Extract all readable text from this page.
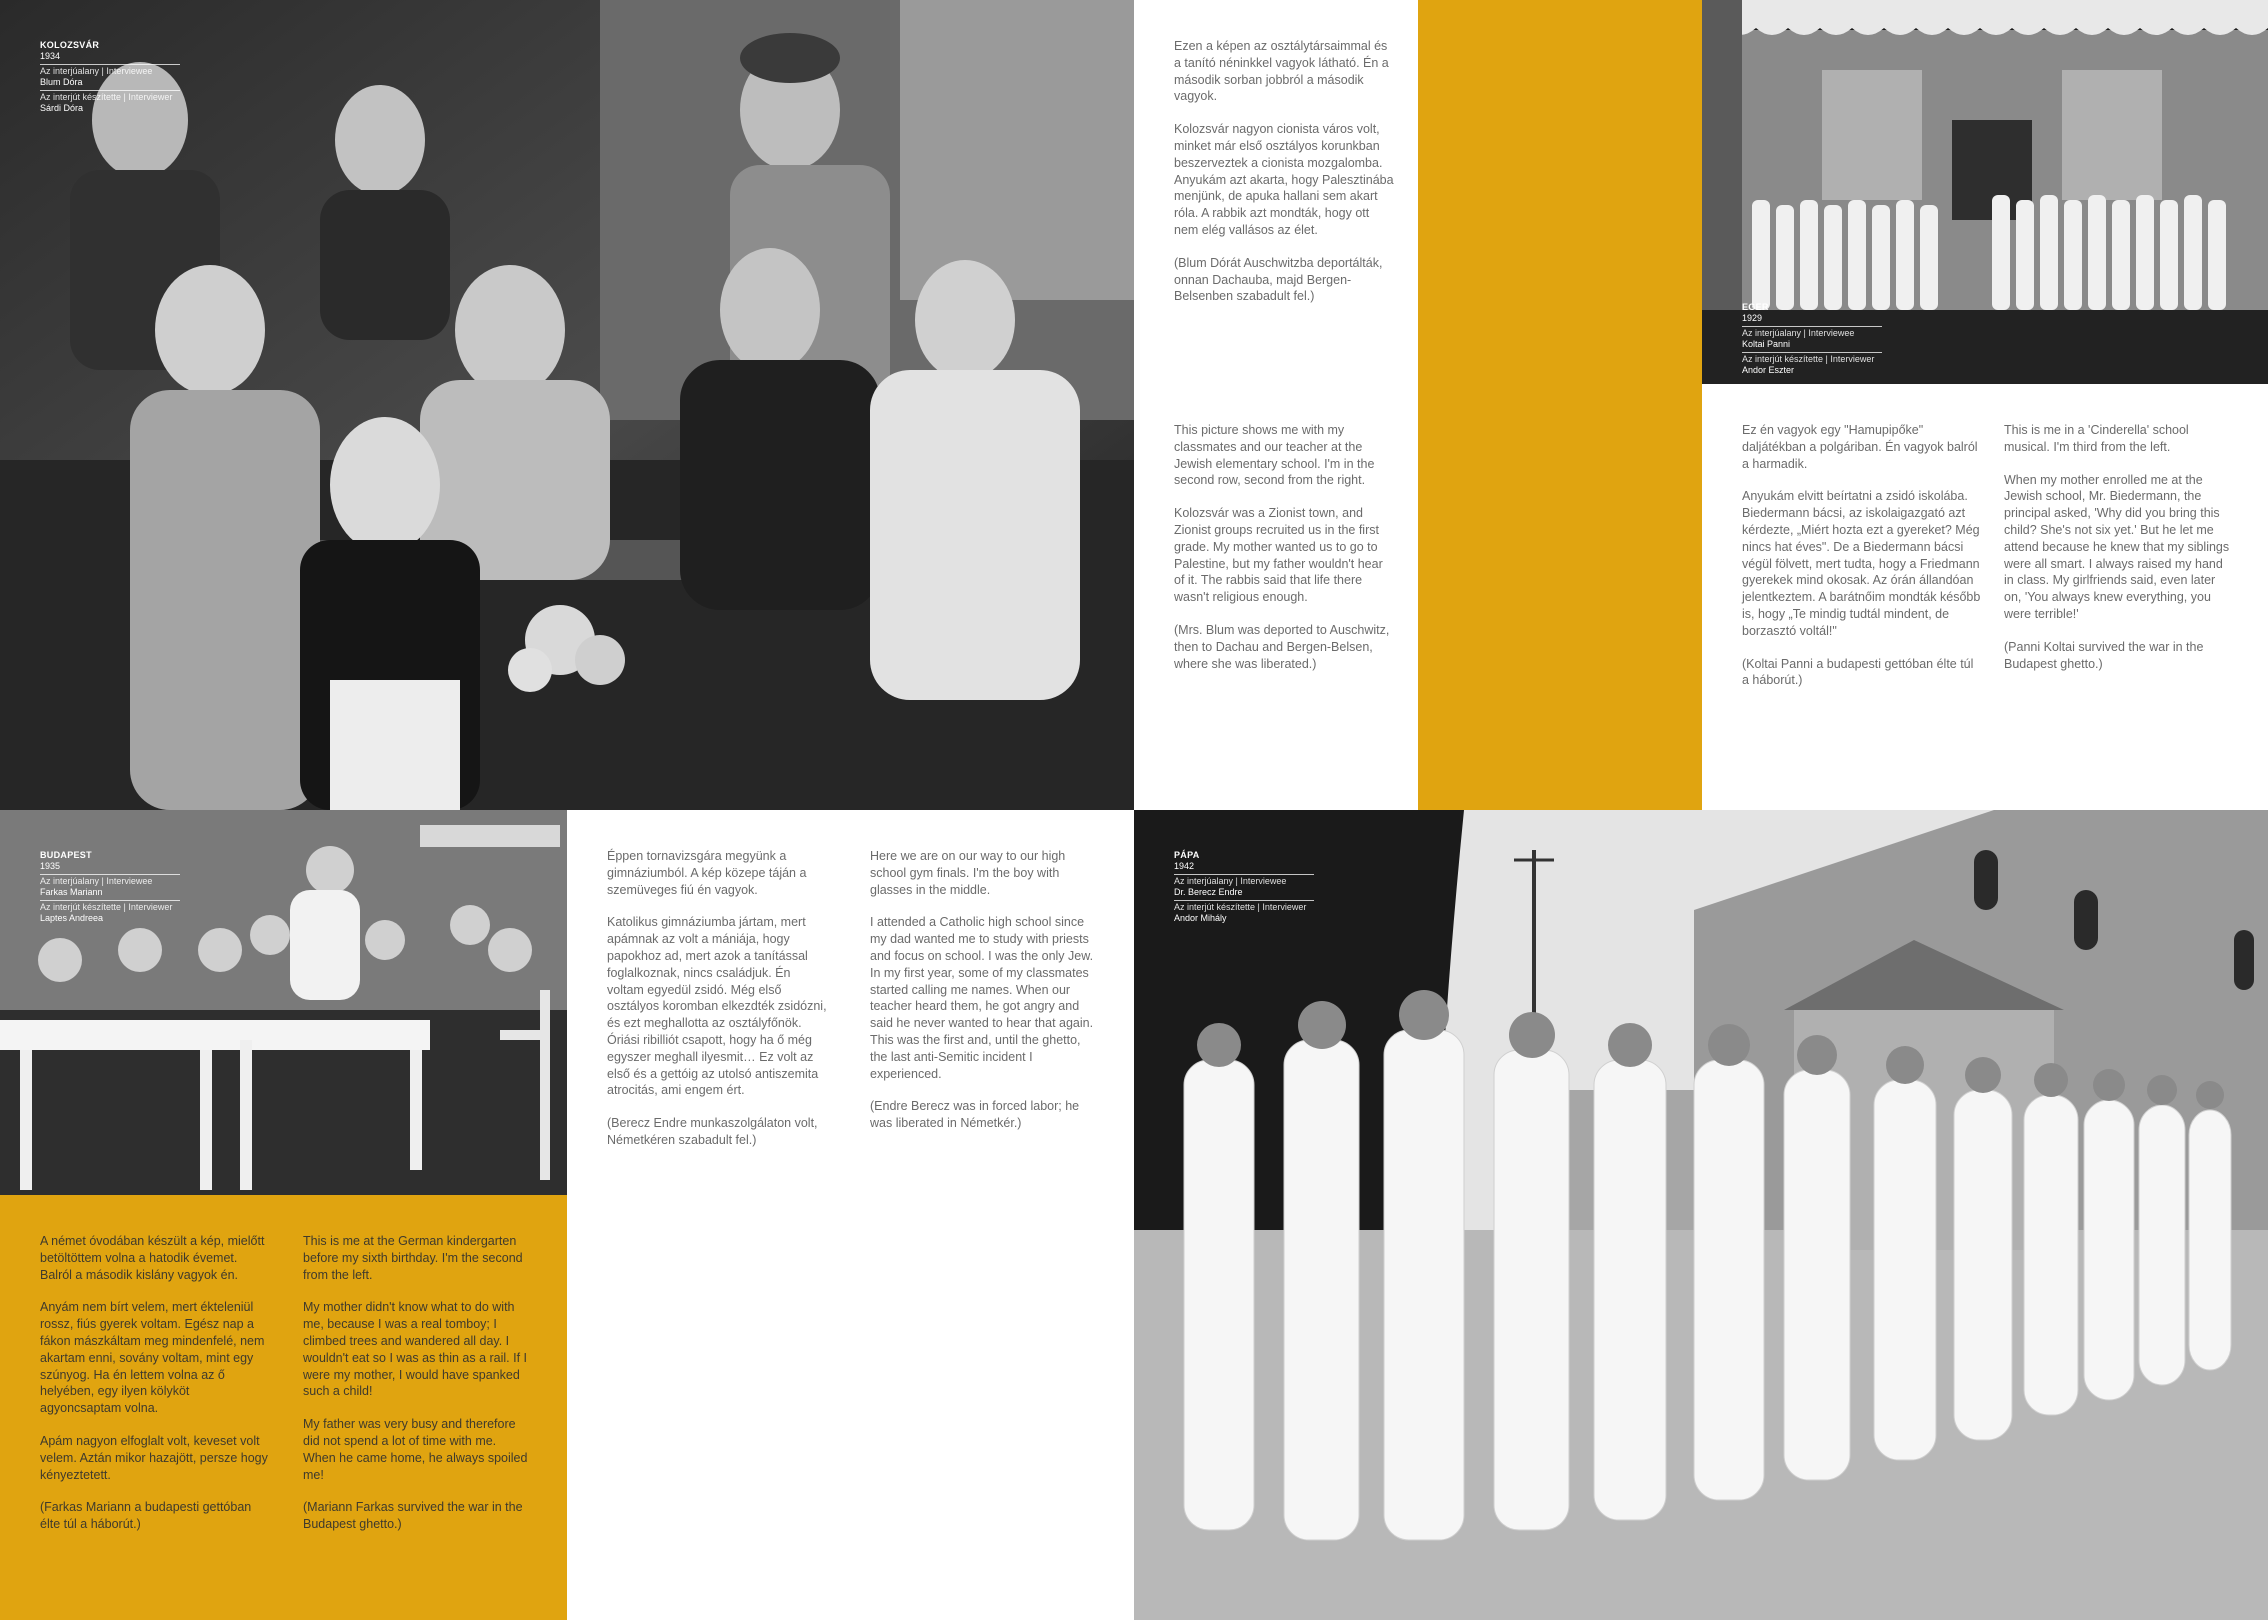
KOLOZSVÁR
1934
Az interjúalany | Interviewee
Blum Dóra
Az interjút készítette | Interviewer
Sárdi Dóra

Ezen a képen az osztálytársaimmal és a tanító néninkkel vagyok látható. Én a második sorban jobbról a második vagyok.

Kolozsvár nagyon cionista város volt, minket már első osztályos korunkban beszerveztek a cionista mozgalomba. Anyukám azt akarta, hogy Palesztinába menjünk, de apuka hallani sem akart róla. A rabbik azt mondták, hogy ott nem elég vallásos az élet.

(Blum Dórát Auschwitzba deportálták, onnan Dachauba, majd Bergen-Belsenben szabadult fel.)

This picture shows me with my classmates and our teacher at the Jewish elementary school. I'm in the second row, second from the right.

Kolozsvár was a Zionist town, and Zionist groups recruited us in the first grade. My mother wanted us to go to Palestine, but my father wouldn't hear of it. The rabbis said that life there wasn't religious enough.

(Mrs. Blum was deported to Auschwitz, then to Dachau and Bergen-Belsen, where she was liberated.)

EGER
1929
Az interjúalany | Interviewee
Koltai Panni
Az interjút készítette | Interviewer
Andor Eszter

Ez én vagyok egy "Hamupipőke" daljátékban a polgáriban. Én vagyok balról a harmadik.

Anyukám elvitt beírtatni a zsidó iskolába. Biedermann bácsi, az iskolaigazgató azt kérdezte, „Miért hozta ezt a gyereket? Még nincs hat éves". De a Biedermann bácsi végül fölvett, mert tudta, hogy a Friedmann gyerekek mind okosak. Az órán állandóan jelentkeztem. A barátnőim mondták később is, hogy „Te mindig tudtál mindent, de borzasztó voltál!"

(Koltai Panni a budapesti gettóban élte túl a háborút.)

This is me in a 'Cinderella' school musical. I'm third from the left.

When my mother enrolled me at the Jewish school, Mr. Biedermann, the principal asked, 'Why did you bring this child? She's not six yet.' But he let me attend because he knew that my siblings were all smart. I always raised my hand in class. My girlfriends said, even later on, 'You always knew everything, you were terrible!'

(Panni Koltai survived the war in the Budapest ghetto.)

BUDAPEST
1935
Az interjúalany | Interviewee
Farkas Mariann
Az interjút készítette | Interviewer
Laptes Andreea

A német óvodában készült a kép, mielőtt betöltöttem volna a hatodik évemet. Balról a második kislány vagyok én.

Anyám nem bírt velem, mert ékteleniül rossz, fiús gyerek voltam. Egész nap a fákon mászkáltam meg mindenfelé, nem akartam enni, sovány voltam, mint egy szúnyog. Ha én lettem volna az ő helyében, egy ilyen kölyköt agyoncsaptam volna.

Apám nagyon elfoglalt volt, keveset volt velem. Aztán mikor hazajött, persze hogy kényeztetett.

(Farkas Mariann a budapesti gettóban élte túl a háborút.)

This is me at the German kindergarten before my sixth birthday. I'm the second from the left.

My mother didn't know what to do with me, because I was a real tomboy; I climbed trees and wandered all day. I wouldn't eat so I was as thin as a rail. If I were my mother, I would have spanked such a child!

My father was very busy and therefore did not spend a lot of time with me. When he came home, he always spoiled me!

(Mariann Farkas survived the war in the Budapest ghetto.)

Éppen tornavizsgára megyünk a gimnáziumból. A kép közepe táján a szemüveges fiú én vagyok.

Katolikus gimnáziumba jártam, mert apámnak az volt a mániája, hogy papokhoz ad, mert azok a tanítással foglalkoznak, nincs családjuk. Én voltam egyedül zsidó. Még első osztályos koromban elkezdték zsidózni, és ezt meghallotta az osztályfőnök. Óriási ribilliót csapott, hogy ha ő még egyszer meghall ilyesmit… Ez volt az első és a gettóig az utolsó antiszemita atrocitás, ami engem ért.

(Berecz Endre munkaszolgálaton volt, Németkéren szabadult fel.)

Here we are on our way to our high school gym finals. I'm the boy with glasses in the middle.

I attended a Catholic high school since my dad wanted me to study with priests and focus on school. I was the only Jew. In my first year, some of my classmates started calling me names. When our teacher heard them, he got angry and said he never wanted to hear that again. This was the first and, until the ghetto, the last anti-Semitic incident I experienced.

(Endre Berecz was in forced labor; he was liberated in Németkér.)

PÁPA
1942
Az interjúalany | Interviewee
Dr. Berecz Endre
Az interjút készítette | Interviewer
Andor Mihály
